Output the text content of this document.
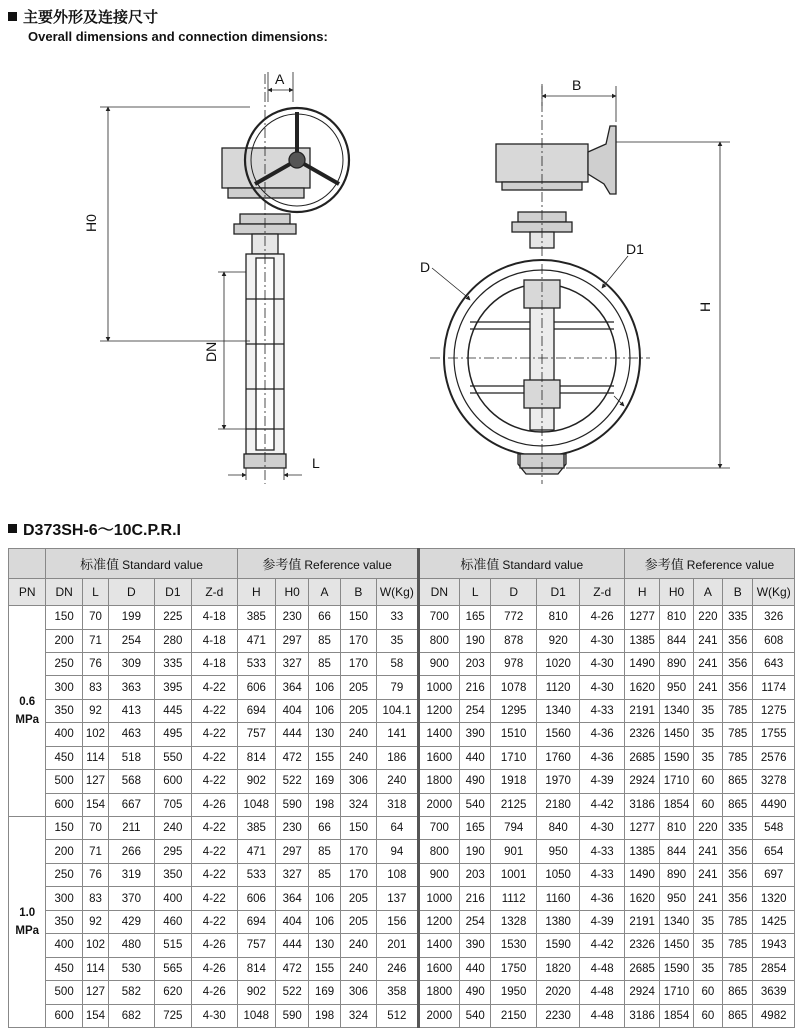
主要外形及连接尺寸
Overall dimensions and connection dimensions:
A	B
H0
DN
L
D
D1
H
D373SH-6～10C.P.R.I
	标准值 Standard value					参考值 Reference value					标准值 Standard value					参考值 Reference value				
PN	DN	L	D	D1	Z-d	H	H0	A	B	W(Kg)	DN	L	D	D1	Z-d	H	H0	A	B	W(Kg)

0.6
MPa	150	70	199	225	4-18	385	230	66	150	33	700	165	772	810	4-26	1277	810	220	335	326
	200	71	254	280	4-18	471	297	85	170	35	800	190	878	920	4-30	1385	844	241	356	608
	250	76	309	335	4-18	533	327	85	170	58	900	203	978	1020	4-30	1490	890	241	356	643
	300	83	363	395	4-22	606	364	106	205	79	1000	216	1078	1120	4-30	1620	950	241	356	1174
	350	92	413	445	4-22	694	404	106	205	104.1	1200	254	1295	1340	4-33	2191	1340	35	785	1275
	400	102	463	495	4-22	757	444	130	240	141	1400	390	1510	1560	4-36	2326	1450	35	785	1755
	450	114	518	550	4-22	814	472	155	240	186	1600	440	1710	1760	4-36	2685	1590	35	785	2576
	500	127	568	600	4-22	902	522	169	306	240	1800	490	1918	1970	4-39	2924	1710	60	865	3278
	600	154	667	705	4-26	1048	590	198	324	318	2000	540	2125	2180	4-42	3186	1854	60	865	4490

1.0
MPa	150	70	211	240	4-22	385	230	66	150	64	700	165	794	840	4-30	1277	810	220	335	548
	200	71	266	295	4-22	471	297	85	170	94	800	190	901	950	4-33	1385	844	241	356	654
	250	76	319	350	4-22	533	327	85	170	108	900	203	1001	1050	4-33	1490	890	241	356	697
	300	83	370	400	4-22	606	364	106	205	137	1000	216	1112	1160	4-36	1620	950	241	356	1320
	350	92	429	460	4-22	694	404	106	205	156	1200	254	1328	1380	4-39	2191	1340	35	785	1425
	400	102	480	515	4-26	757	444	130	240	201	1400	390	1530	1590	4-42	2326	1450	35	785	1943
	450	114	530	565	4-26	814	472	155	240	246	1600	440	1750	1820	4-48	2685	1590	35	785	2854
	500	127	582	620	4-26	902	522	169	306	358	1800	490	1950	2020	4-48	2924	1710	60	865	3639
	600	154	682	725	4-30	1048	590	198	324	512	2000	540	2150	2230	4-48	3186	1854	60	865	4982
